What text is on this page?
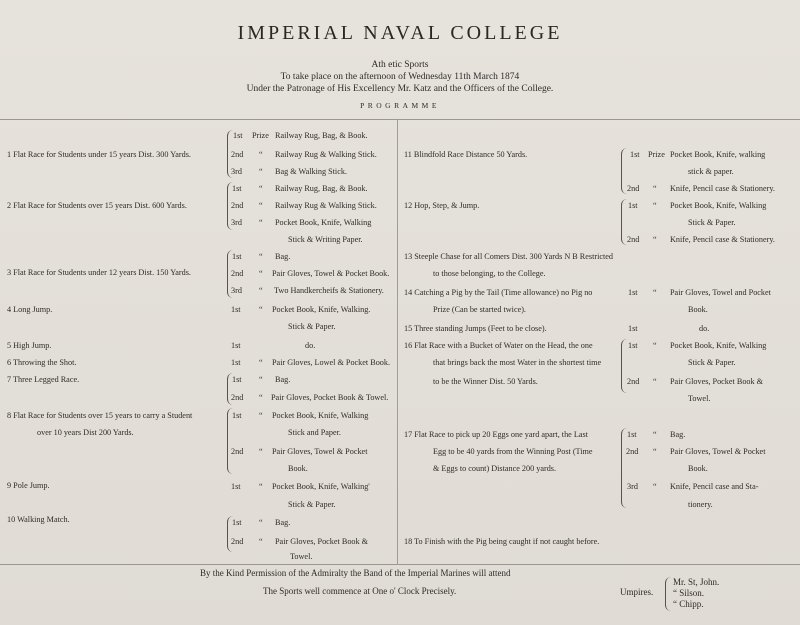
IMPERIAL NAVAL COLLEGE
Ath etic Sports
To take place on the afternoon of Wednesday 11th March 1874
Under the Patronage of His Excellency Mr. Katz and the Officers of the College.
PROGRAMME
1 Flat Race for Students under 15 years Dist. 300 Yards.
2 Flat Race for Students over 15 years Dist. 600 Yards.
3 Flat Race for Students under 12 years Dist. 150 Yards.
4 Long Jump.
5 High Jump.
6 Throwing the Shot.
7 Three Legged Race.
8 Flat Race for Students over 15 years to carry a Student
over 10 years Dist 200 Yards.
9 Pole Jump.
10 Walking Match.
1st
2nd
3rd
1st
2nd
3rd
1st
2nd
3rd
1st
1st
1st
1st
2nd
1st
2nd
1st
1st
2nd
Prize
“
“
“
“
“
“
“
“
“
“
“
“
“
“
“
“
“
Railway Rug, Bag, & Book.
Railway Rug & Walking Stick.
Bag & Walking Stick.
Railway Rug, Bag, & Book.
Railway Rug & Walking Stick.
Pocket Book, Knife, Walking
Stick & Writing Paper.
Bag.
Pair Gloves, Towel & Pocket Book.
Two Handkercheifs & Stationery.
Pocket Book, Knife, Walking.
Stick & Paper.
do.
Pair Gloves, Lowel & Pocket Book.
Bag.
Pair Gloves, Pocket Book & Towel.
Pocket Book, Knife, Walking
Stick and Paper.
Pair Gloves, Towel & Pocket
Book.
Pocket Book, Knife, Walking'
Stick & Paper.
Bag.
Pair Gloves, Pocket Book &
Towel.
11 Blindfold Race Distance 50 Yards.
12 Hop, Step, & Jump.
13 Steeple Chase for all Comers Dist. 300 Yards N B Restricted
to those belonging, to the College.
14 Catching a Pig by the Tail (Time allowance) no Pig no
Prize (Can be started twice).
15 Three standing Jumps (Feet to be close).
16 Flat Race with a Bucket of Water on the Head, the one
that brings back the most Water in the shortest time
to be the Winner Dist. 50 Yards.
17 Flat Race to pick up 20 Eggs one yard apart, the Last
Egg to be 40 yards from the Winning Post (Time
& Eggs to count) Distance 200 yards.
18 To Finish with the Pig being caught if not caught before.
1st
2nd
1st
2nd
1st
1st
1st
2nd
1st
2nd
3rd
Prize
“
“
“
“
“
“
“
“
“
Pocket Book, Knife, walking
stick & paper.
Knife, Pencil case & Stationery.
Pocket Book, Knife, Walking
Stick & Paper.
Knife, Pencil case & Stationery.
Pair Gloves, Towel and Pocket
Book.
do.
Pocket Book, Knife, Walking
Stick & Paper.
Pair Gloves, Pocket Book &
Towel.
Bag.
Pair Gloves, Towel & Pocket
Book.
Knife, Pencil case and Sta-
tionery.
By the Kind Permission of the Admiralty the Band of the Imperial Marines will attend
The Sports well commence at One o' Clock Precisely.	Umpires.
Mr. St, John.
“ Silson.
“ Chipp.
